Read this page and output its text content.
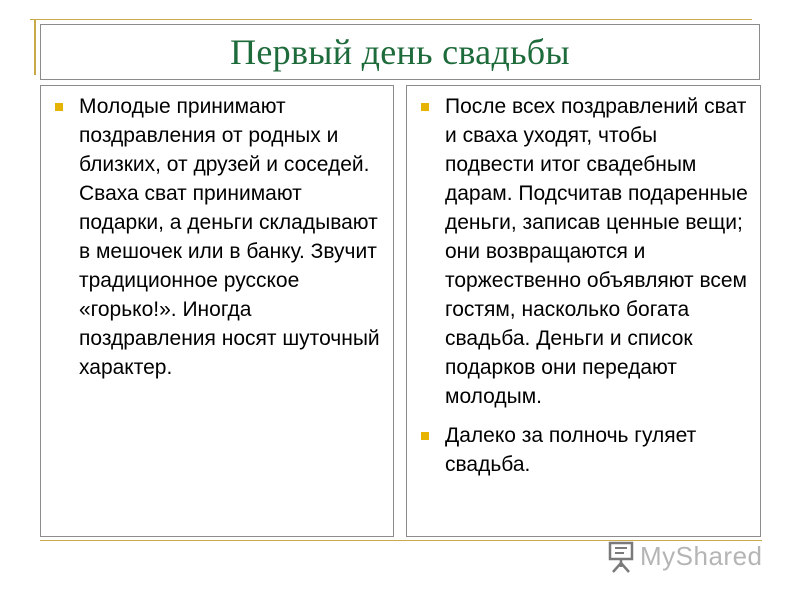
Первый день свадьбы
Молодые принимают поздравления от родных и близких, от друзей и соседей. Сваха сват принимают подарки, а деньги складывают в мешочек или в банку. Звучит традиционное русское «горько!». Иногда поздравления носят шуточный характер.
После всех поздравлений сват и сваха уходят, чтобы подвести итог свадебным дарам. Подсчитав подаренные деньги, записав ценные вещи; они возвращаются и торжественно объявляют всем гостям, насколько богата свадьба. Деньги и список подарков они передают молодым.
Далеко за полночь гуляет свадьба.
MyShared
